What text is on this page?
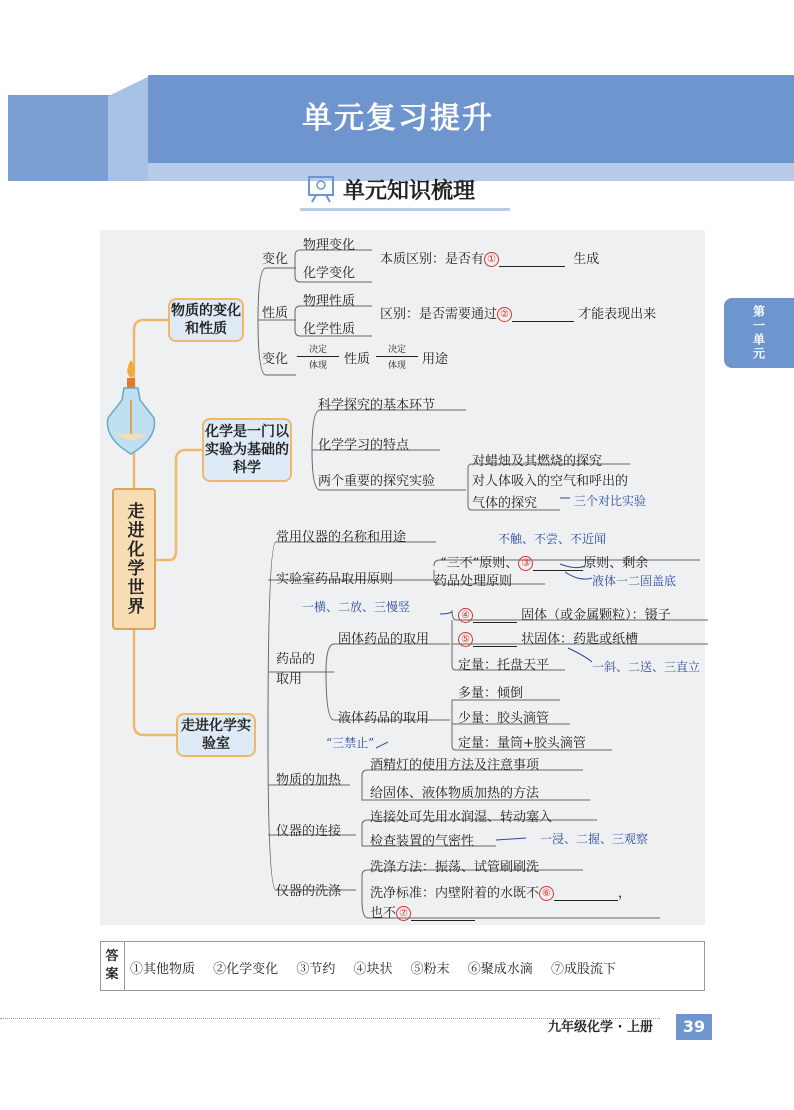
单元复习提升
单元知识梳理
第一单元
走进化学世界
物质的变化和性质
化学是一门以实验为基础的科学
走进化学实验室
变化
物理变化
化学变化
本质区别：是否有 ①	生成
性质
物理性质
化学性质
区别：是否需要通过 ②	才能表现出来
变化
决定
体现	性质
决定
体现	用途
科学探究的基本环节
化学学习的特点
两个重要的探究实验
对蜡烛及其燃烧的探究
对人体吸入的空气和呼出的
气体的探究	三个对比实验
常用仪器的名称和用途	不触、不尝、不近闻
实验室药品取用原则
“三不”原则、 ③	原则、剩余
药品处理原则	液体一二固盖底
一横、二放、三慢竖
药品的取用
固体药品的取用
④	固体（或金属颗粒）：镊子
⑤	状固体：药匙或纸槽
定量：托盘天平	一斜、二送、三直立
液体药品的取用
多量：倾倒
少量：胶头滴管
定量：量筒+胶头滴管
“三禁止”
物质的加热
酒精灯的使用方法及注意事项
给固体、液体物质加热的方法
仪器的连接
连接处可先用水润湿、转动塞入
检查装置的气密性	一浸、二握、三观察
仪器的洗涤
洗涤方法：振荡、试管刷刷洗
洗净标准：内壁附着的水既不 ⑥	，
也不 ⑦
答
案 ①其他物质 ②化学变化 ③节约 ④块状 ⑤粉末 ⑥聚成水滴 ⑦成股流下
九年级化学 · 上册	39
